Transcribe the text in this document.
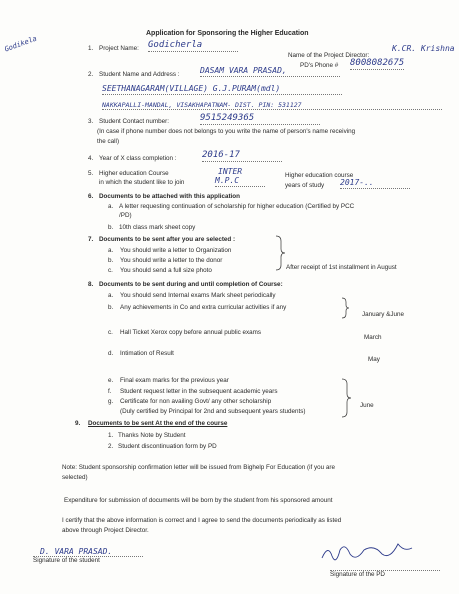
Godikela
Application for Sponsoring the Higher Education
1. Project Name: Godicherla
Name of the Project Director:
K.CR. Krishna
PD's Phone # 8008082675
2. Student Name and Address :	DASAM VARA PRASAD,
SEETHANAGARAM(VILLAGE) G.J.PURAM(mdl)
NAKKAPALLI-MANDAL, VISAKHAPATNAM- DIST. PIN: 531127
3. Student Contact number:	9515249365
(In case if phone number does not belongs to you write the name of person's name receiving
the call)
4. Year of X class completion :	2016-17
5. Higher education Course
in which the student like to join
INTER
M.P.C
Higher education course
years of study 2017-..
6. Documents to be attached with this application
a. A letter requesting continuation of scholarship for higher education (Certified by PCC
/PD)
b. 10th class mark sheet copy
7. Documents to be sent after you are selected :
a. You should write a letter to Organization
b. You should write a letter to the donor
c. You should send a full size photo	After receipt of 1st installment in August
8. Documents to be sent during and until completion of Course:
a. You should send Internal exams Mark sheet periodically
b. Any achievements in Co and extra curricular activities if any
January &June
c. Hall Ticket Xerox copy before annual public exams
March
d. Intimation of Result
May
e. Final exam marks for the previous year
f. Student request letter in the subsequent academic years
g. Certificate for non availing Govt/ any other scholarship
(Duly certified by Principal for 2nd and subsequent years students)
June
9. Documents to be sent At the end of the course
1. Thanks Note by Student
2. Student discontinuation form by PD
Note: Student sponsorship confirmation letter will be issued from Bighelp For Education (if you are
selected)
Expenditure for submission of documents will be born by the student from his sponsored amount
I certify that the above information is correct and I agree to send the documents periodically as listed
above through Project Director.
D. VARA PRASAD.
Signature of the student
Signature of the PD
